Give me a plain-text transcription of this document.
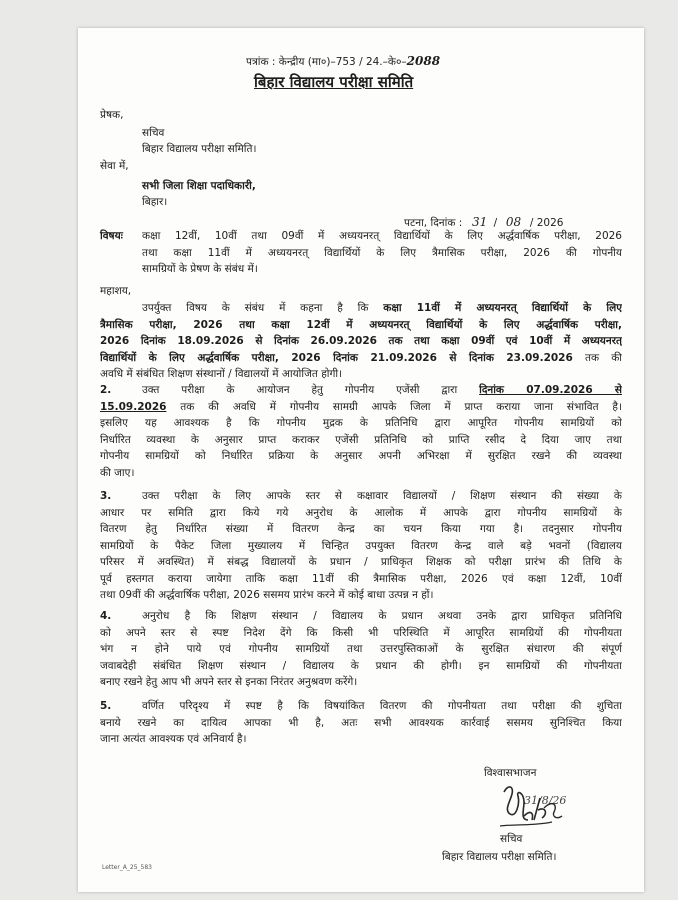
पत्रांक : केन्द्रीय (मा०)–753 / 24.–के०–2088
बिहार विद्यालय परीक्षा समिति
प्रेषक,
सचिव
बिहार विद्यालय परीक्षा समिति।
सेवा में,
सभी जिला शिक्षा पदाधिकारी,
बिहार।
पटना, दिनांक : 31 / 08 / 2026
विषयः कक्षा 12वीं, 10वीं तथा 09वीं में अध्ययनरत् विद्यार्थियों के लिए अर्द्धवार्षिक परीक्षा, 2026
तथा कक्षा 11वीं में अध्ययनरत् विद्यार्थियों के लिए त्रैमासिक परीक्षा, 2026 की गोपनीय
सामग्रियों के प्रेषण के संबंध में।
महाशय,
उपर्युक्त विषय के संबंध में कहना है कि कक्षा 11वीं में अध्ययनरत् विद्यार्थियों के लिए
त्रैमासिक परीक्षा, 2026 तथा कक्षा 12वीं में अध्ययनरत् विद्यार्थियों के लिए अर्द्धवार्षिक परीक्षा,
2026 दिनांक 18.09.2026 से दिनांक 26.09.2026 तक तथा कक्षा 09वीं एवं 10वीं में अध्ययनरत्
विद्यार्थियों के लिए अर्द्धवार्षिक परीक्षा, 2026 दिनांक 21.09.2026 से दिनांक 23.09.2026 तक की
अवधि में संबंधित शिक्षण संस्थानों / विद्यालयों में आयोजित होगी।
2.	उक्त परीक्षा के आयोजन हेतु गोपनीय एजेंसी द्वारा दिनांक 07.09.2026 से
15.09.2026 तक की अवधि में गोपनीय सामग्री आपके जिला में प्राप्त कराया जाना संभावित है।
इसलिए यह आवश्यक है कि गोपनीय मुद्रक के प्रतिनिधि द्वारा आपूरित गोपनीय सामग्रियों को
निर्धारित व्यवस्था के अनुसार प्राप्त कराकर एजेंसी प्रतिनिधि को प्राप्ति रसीद दे दिया जाए तथा
गोपनीय सामग्रियों को निर्धारित प्रक्रिया के अनुसार अपनी अभिरक्षा में सुरक्षित रखने की व्यवस्था
की जाए।
3.	उक्त परीक्षा के लिए आपके स्तर से कक्षावार विद्यालयों / शिक्षण संस्थान की संख्या के
आधार पर समिति द्वारा किये गये अनुरोध के आलोक में आपके द्वारा गोपनीय सामग्रियों के
वितरण हेतु निर्धारित संख्या में वितरण केन्द्र का चयन किया गया है। तदनुसार गोपनीय
सामग्रियों के पैकेट जिला मुख्यालय में चिन्हित उपयुक्त वितरण केन्द्र वाले बड़े भवनों (विद्यालय
परिसर में अवस्थित) में संबद्ध विद्यालयों के प्रधान / प्राधिकृत शिक्षक को परीक्षा प्रारंभ की तिथि के
पूर्व हस्तगत कराया जायेगा ताकि कक्षा 11वीं की त्रैमासिक परीक्षा, 2026 एवं कक्षा 12वीं, 10वीं
तथा 09वीं की अर्द्धवार्षिक परीक्षा, 2026 ससमय प्रारंभ करने में कोई बाधा उत्पन्न न हों।
4.	अनुरोध है कि शिक्षण संस्थान / विद्यालय के प्रधान अथवा उनके द्वारा प्राधिकृत प्रतिनिधि
को अपने स्तर से स्पष्ट निदेश देंगे कि किसी भी परिस्थिति में आपूरित सामग्रियों की गोपनीयता
भंग न होने पाये एवं गोपनीय सामग्रियों तथा उत्तरपुस्तिकाओं के सुरक्षित संधारण की संपूर्ण
जवाबदेही संबंधित शिक्षण संस्थान / विद्यालय के प्रधान की होगी। इन सामग्रियों की गोपनीयता
बनाए रखने हेतु आप भी अपने स्तर से इनका निरंतर अनुश्रवण करेंगे।
5.	वर्णित परिदृश्य में स्पष्ट है कि विषयांकित वितरण की गोपनीयता तथा परीक्षा की शुचिता
बनाये रखने का दायित्व आपका भी है, अतः सभी आवश्यक कार्रवाई ससमय सुनिश्चित किया
जाना अत्यंत आवश्यक एवं अनिवार्य है।
विश्वासभाजन
31/8/26
सचिव
बिहार विद्यालय परीक्षा समिति।
Letter_A_25_583
